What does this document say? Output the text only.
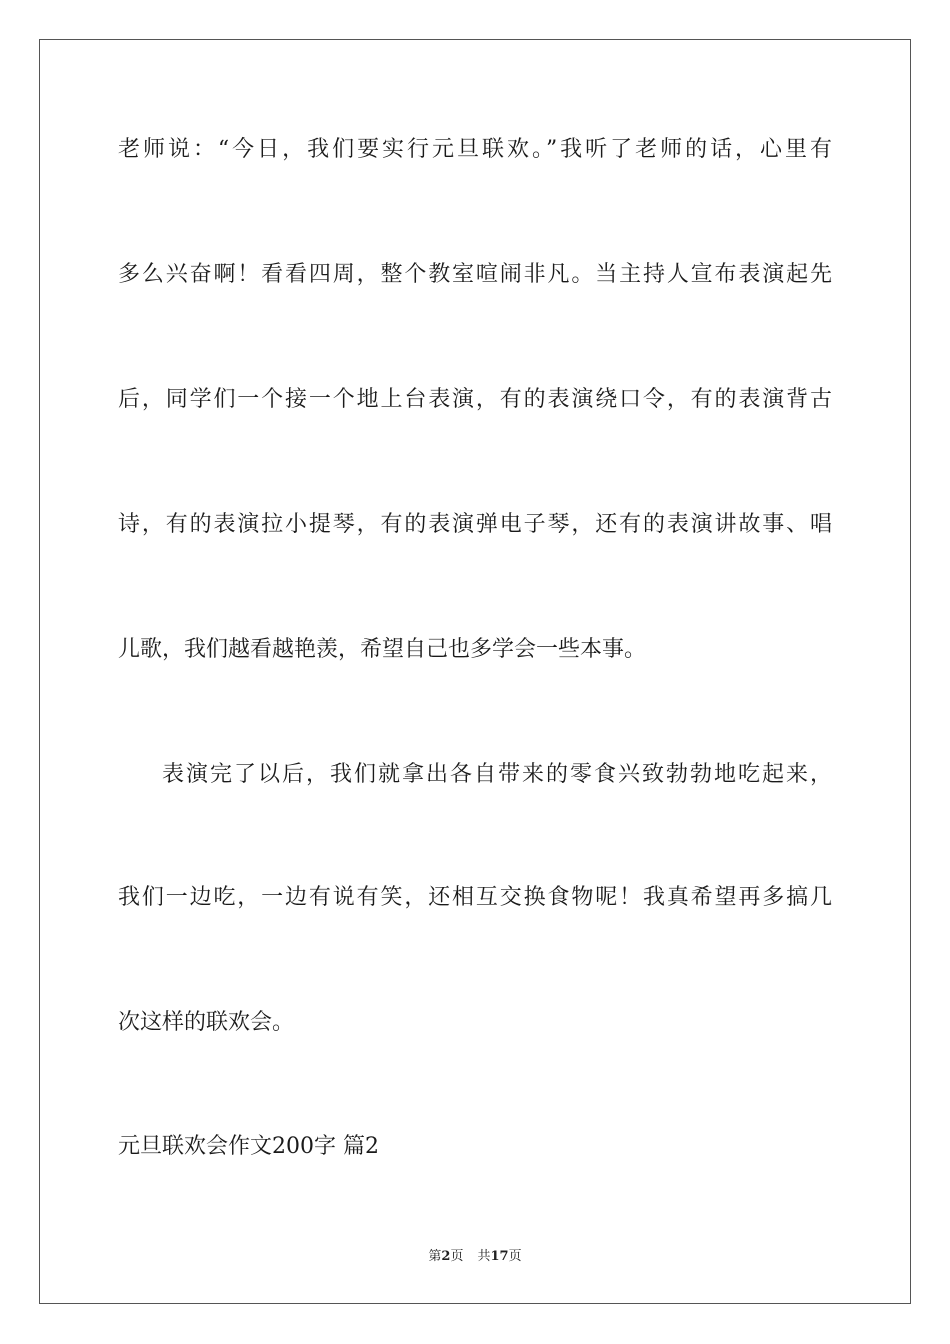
老师说：“今日，我们要实行元旦联欢。”我听了老师的话，心里有
多么兴奋啊！看看四周，整个教室喧闹非凡。当主持人宣布表演起先
后，同学们一个接一个地上台表演，有的表演绕口令，有的表演背古
诗，有的表演拉小提琴，有的表演弹电子琴，还有的表演讲故事、唱
儿歌，我们越看越艳羡，希望自己也多学会一些本事。
表演完了以后，我们就拿出各自带来的零食兴致勃勃地吃起来，
我们一边吃，一边有说有笑，还相互交换食物呢！我真希望再多搞几
次这样的联欢会。
元旦联欢会作文200字 篇2
第2页 共17页
